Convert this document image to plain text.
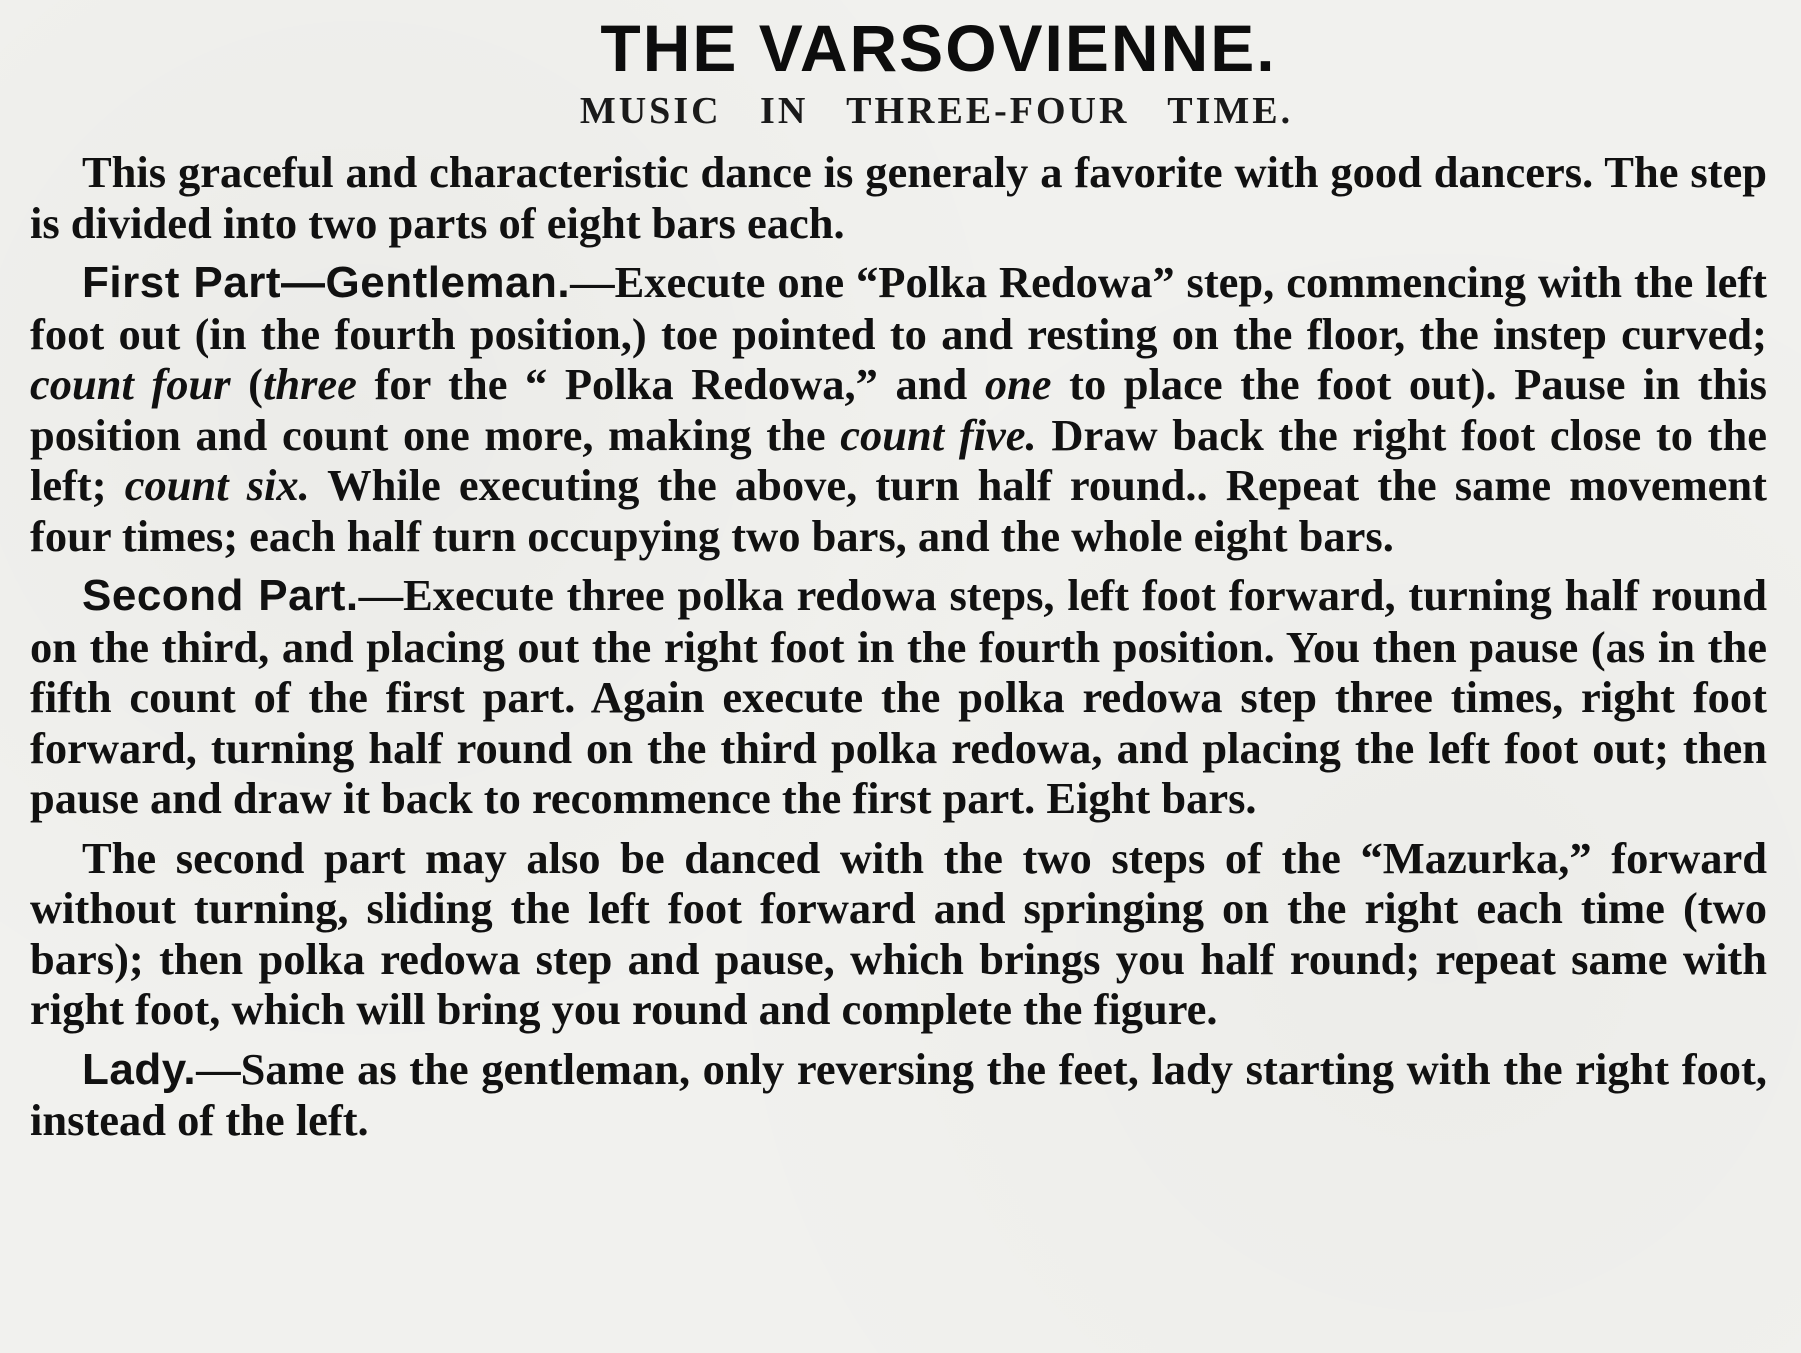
THE VARSOVIENNE.
MUSIC IN THREE-FOUR TIME.

This graceful and characteristic dance is generaly a favorite with good dancers. The step is divided into two parts of eight bars each.

First Part—Gentleman.—Execute one “Polka Redowa” step, commencing with the left foot out (in the fourth position,) toe pointed to and resting on the floor, the instep curved; count four (three for the “ Polka Redowa,” and one to place the foot out). Pause in this position and count one more, making the count five. Draw back the right foot close to the left; count six. While executing the above, turn half round.. Repeat the same movement four times; each half turn occupying two bars, and the whole eight bars.

Second Part.—Execute three polka redowa steps, left foot forward, turning half round on the third, and placing out the right foot in the fourth position. You then pause (as in the fifth count of the first part. Again execute the polka redowa step three times, right foot forward, turning half round on the third polka redowa, and placing the left foot out; then pause and draw it back to recommence the first part. Eight bars.

The second part may also be danced with the two steps of the “Mazurka,” forward without turning, sliding the left foot forward and springing on the right each time (two bars); then polka redowa step and pause, which brings you half round; repeat same with right foot, which will bring you round and complete the figure.

Lady.—Same as the gentleman, only reversing the feet, lady starting with the right foot, instead of the left.
